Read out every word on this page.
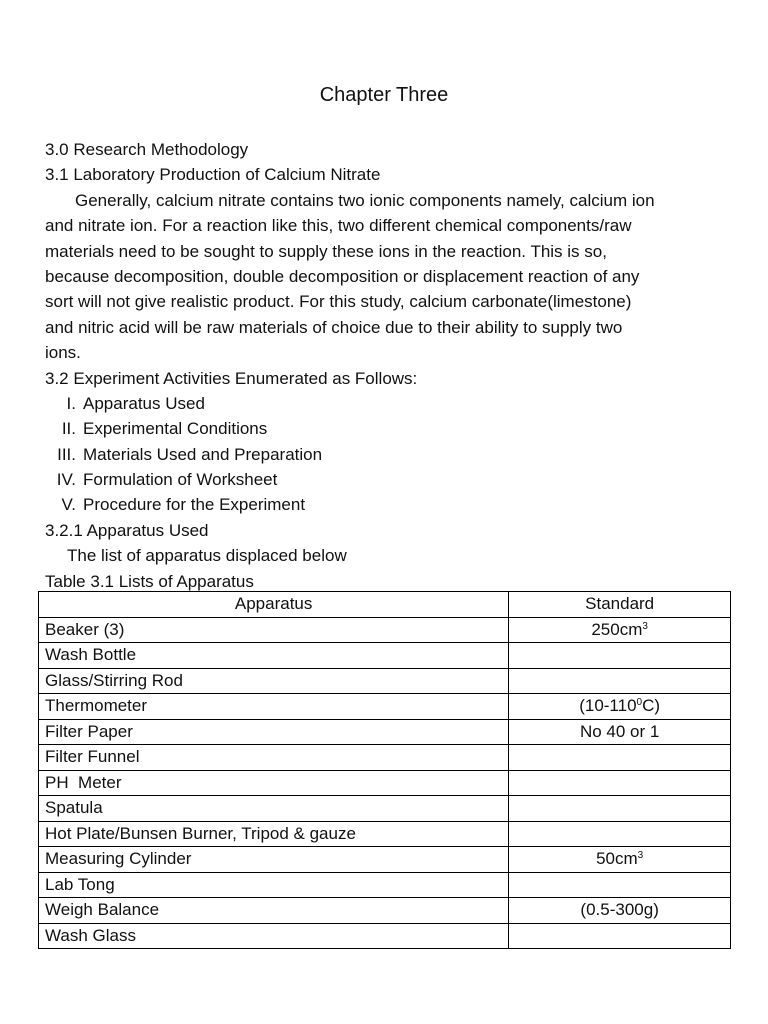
Chapter Three
3.0 Research Methodology
3.1 Laboratory Production of Calcium Nitrate
Generally, calcium nitrate contains two ionic components namely, calcium ion
and nitrate ion. For a reaction like this, two different chemical components/raw
materials need to be sought to supply these ions in the reaction. This is so,
because decomposition, double decomposition or displacement reaction of any
sort will not give realistic product. For this study, calcium carbonate(limestone)
and nitric acid will be raw materials of choice due to their ability to supply two
ions.
3.2 Experiment Activities Enumerated as Follows:
I. Apparatus Used
II. Experimental Conditions
III. Materials Used and Preparation
IV. Formulation of Worksheet
V. Procedure for the Experiment
3.2.1 Apparatus Used
The list of apparatus displaced below
Table 3.1 Lists of Apparatus
Apparatus	Standard
Beaker (3)	$250cm^3$
Wash Bottle	
Glass/Stirring Rod	
Thermometer	$(10-110^0C)$
Filter Paper	No 40 or 1
Filter Funnel	
PH  Meter	
Spatula	
Hot Plate/Bunsen Burner, Tripod & gauze	
Measuring Cylinder	$50cm^3$
Lab Tong	
Weigh Balance	(0.5-300g)
Wash Glass	
